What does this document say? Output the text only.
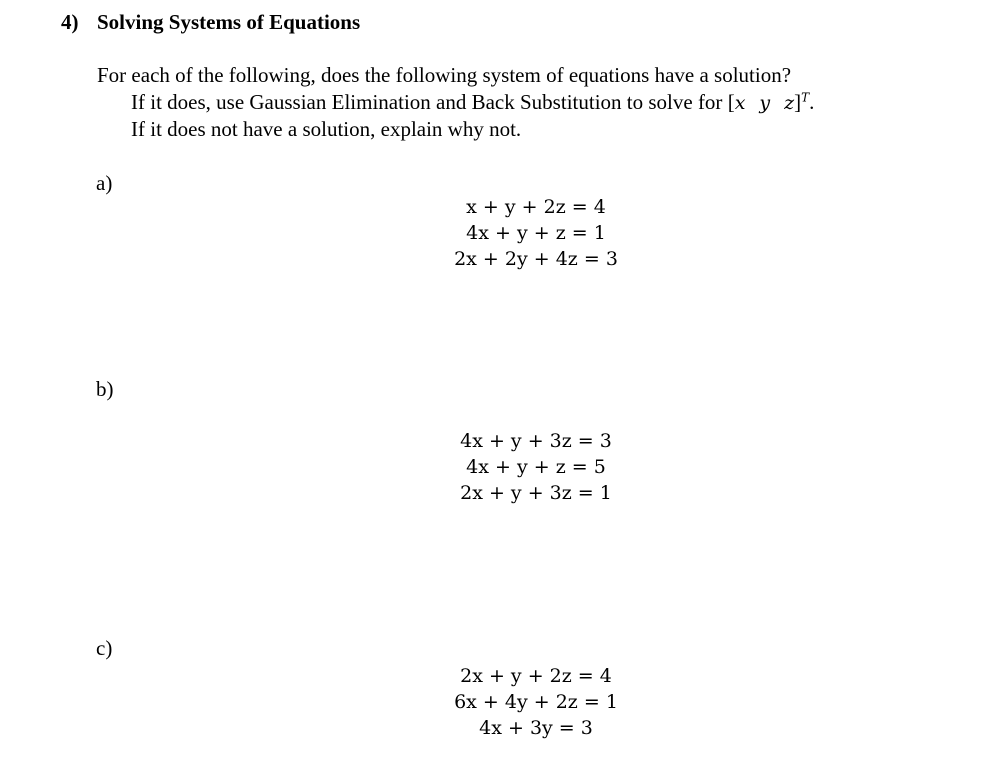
4) Solving Systems of Equations
For each of the following, does the following system of equations have a solution?
If it does, use Gaussian Elimination and Back Substitution to solve for [x y z]$^T$.
If it does not have a solution, explain why not.
a)
x + y + 2z = 4
4x + y + z = 1
2x + 2y + 4z = 3
b)
4x + y + 3z = 3
4x + y + z = 5
2x + y + 3z = 1
c)
2x + y + 2z = 4
6x + 4y + 2z = 1
4x + 3y = 3
